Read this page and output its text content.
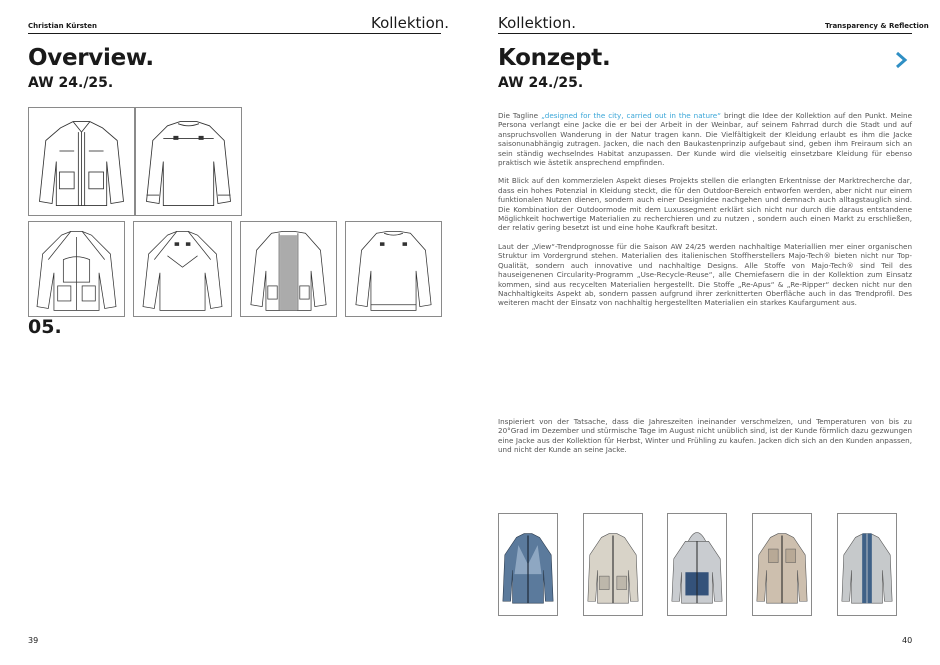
Christian Kürsten	Kollektion.
Overview.
AW 24./25.
05.
39
Kollektion.	Transparency & Reflection
Konzept.
AW 24./25.
40

Die Tagline „designed for the city, carried out in the nature“ bringt die Idee der Kollektion auf den Punkt. Meine Persona verlangt eine Jacke die er bei der Arbeit in der Weinbar, auf seinem Fahrrad durch die Stadt und auf anspruchsvollen Wanderung in der Natur tragen kann. Die Vielfältigkeit der Kleidung erlaubt es ihm die Jacke saisonunabhängig zutragen. Jacken, die nach den Baukastenprinzip aufgebaut sind, geben ihm Freiraum sich an sein ständig wechselndes Habitat anzupassen. Der Kunde wird die vielseitig einsetzbare Kleidung für ebenso praktisch wie ästetik ansprechend empfinden.

Mit Blick auf den kommerzielen Aspekt dieses Projekts stellen die erlangten Erkentnisse der Marktrecherche dar, dass ein hohes Potenzial in Kleidung steckt, die für den Outdoor-Bereich entworfen werden, aber nicht nur einem funktionalen Nutzen dienen, sondern auch einer Designidee nachgehen und demnach auch alltagstauglich sind. Die Kombination der Outdoormode mit dem Luxussegment erklärt sich nicht nur durch die daraus entstandene Möglichkeit hochwertige Materialien zu recherchieren und zu nutzen , sondern auch einen Markt zu erschließen, der relativ gering besetzt ist und eine hohe Kaufkraft besitzt.

Laut der „View“-Trendprognosse für die Saison AW 24/25 werden nachhaltige Materiallien mer einer organischen Struktur im Vordergrund stehen. Materialien des italienischen Stoffherstellers Majo-Tech® bieten nicht nur Top-Qualität, sondern auch innovative und nachhaltige Designs. Alle Stoffe von Majo-Tech® sind Teil des hauseigenenen Circularity-Programm „Use-Recycle-Reuse“, alle Chemiefasern die in der Kollektion zum Einsatz kommen, sind aus recycelten Materialien hergestellt. Die Stoffe „Re-Apus“ & „Re-Ripper“ decken nicht nur den Nachhaltigkeits Aspekt ab, sondern passen aufgrund ihrer zerknitterten Oberfläche auch in das Trendprofil. Des weiteren macht der Einsatz von nachhaltig hergestellten Materialien ein starkes Kaufargument aus.

Inspieriert von der Tatsache, dass die Jahreszeiten ineinander verschmelzen, und Temperaturen von bis zu 20°Grad im Dezember und stürmische Tage im August nicht unüblich sind, ist der Kunde förmlich dazu gezwungen eine Jacke aus der Kollektion für Herbst, Winter und Frühling zu kaufen. Jacken dich sich an den Kunden anpassen, und nicht der Kunde an seine Jacke.
